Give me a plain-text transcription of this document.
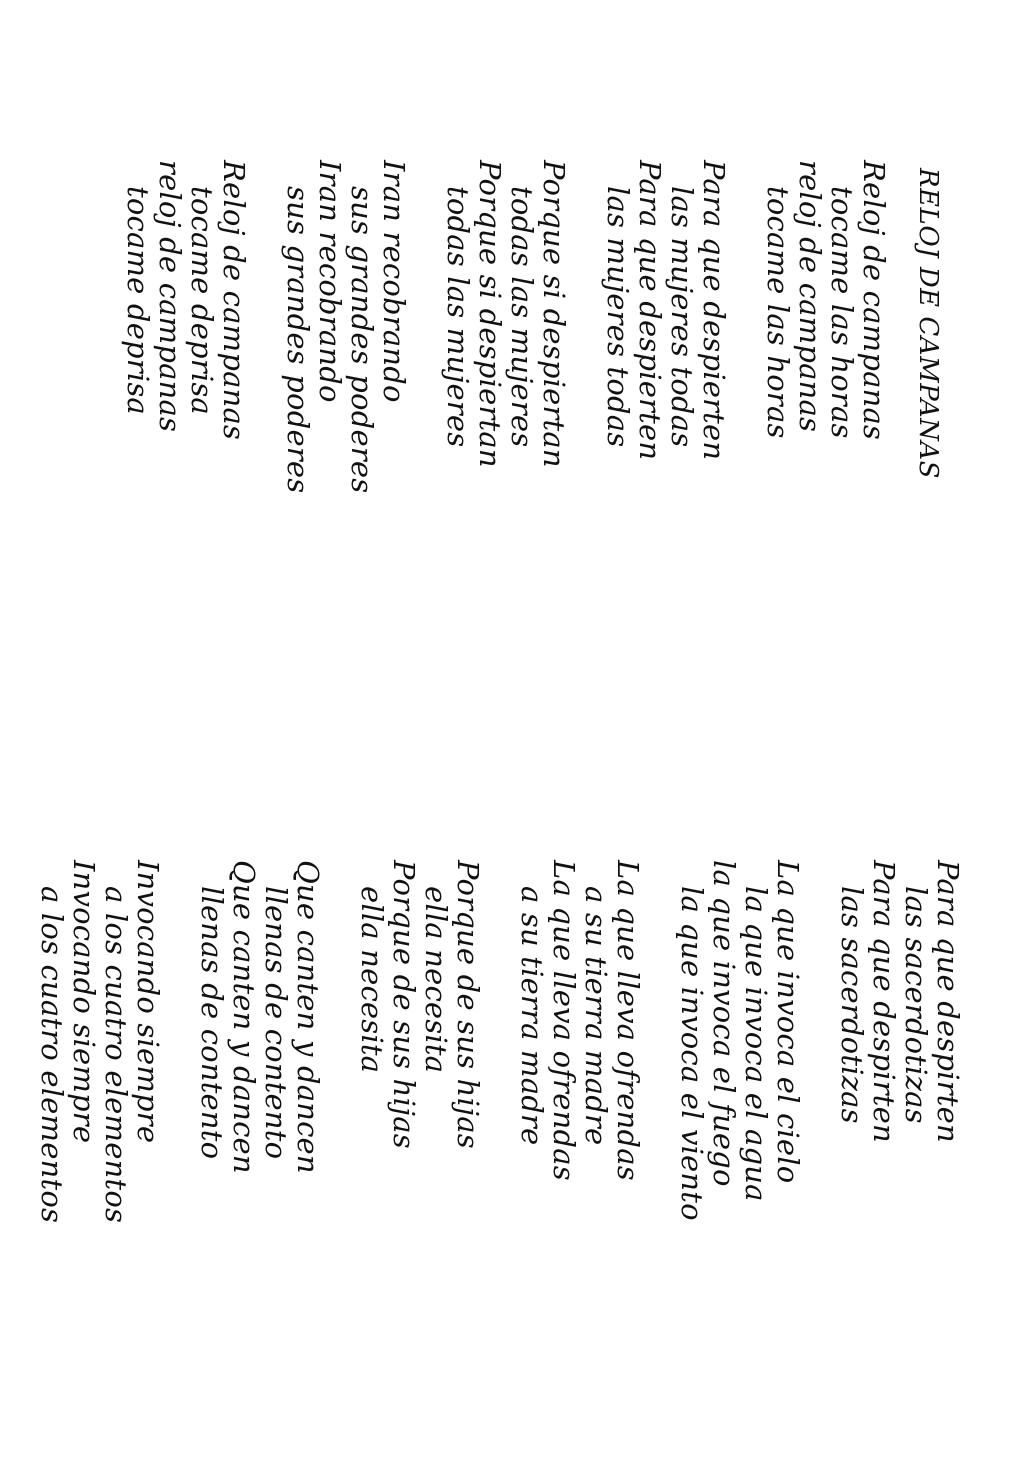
RELOJ DE CAMPANAS
Reloj de campanas
tocame las horas
reloj de campanas
tocame las horas
Para que despierten
las mujeres todas
Para que despierten
las mujeres todas
Porque si despiertan
todas las mujeres
Porque si despiertan
todas las mujeres
Iran recobrando
sus grandes poderes
Iran recobrando
sus grandes poderes
Reloj de campanas
tocame deprisa
reloj de campanas
tocame deprisa
Para que despirten
las sacerdotizas
Para que despirten
las sacerdotizas
La que invoca el cielo
la que invoca el agua
la que invoca el fuego
la que invoca el viento
La que lleva ofrendas
a su tierra madre
La que lleva ofrendas
a su tierra madre
Porque de sus hijas
ella necesita
Porque de sus hijas
ella necesita
Que canten y dancen
llenas de contento
Que canten y dancen
llenas de contento
Invocando siempre
a los cuatro elementos
Invocando siempre
a los cuatro elementos
